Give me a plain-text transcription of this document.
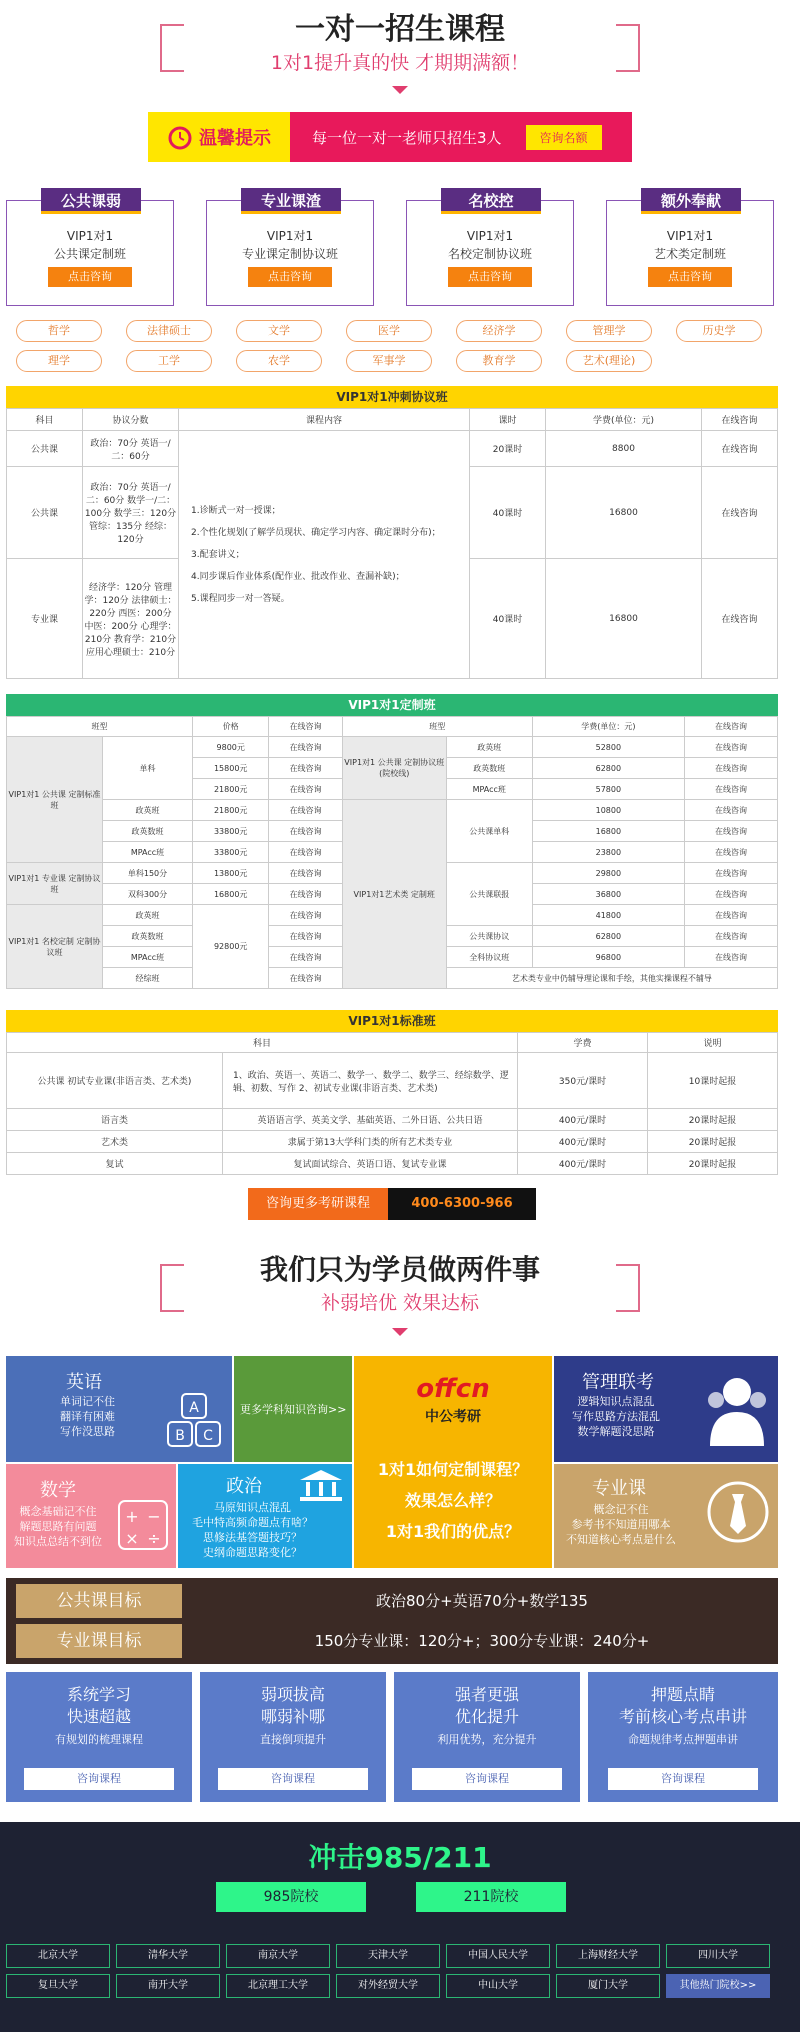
一对一招生课程
1对1提升真的快 才期期满额！
温馨提示	每一位一对一老师只招生3人	咨询名额
公共课弱
VIP1对1
公共课定制班
点击咨询
专业课渣
VIP1对1
专业课定制协议班
点击咨询
名校控
VIP1对1
名校定制协议班
点击咨询
额外奉献
VIP1对1
艺术类定制班
点击咨询
哲学	法律硕士	文学	医学	经济学	管理学	历史学
理学	工学	农学	军事学	教育学	艺术(理论)
VIP1对1冲刺协议班
科目	协议分数	课程内容	课时	学费(单位：元)	在线咨询
公共课	政治：70分 英语一/二：60分	1.诊断式一对一授课；
2.个性化规划(了解学员现状、确定学习内容、确定课时分布)；
3.配套讲义；
4.同步课后作业体系(配作业、批改作业、查漏补缺)；
5.课程同步一对一答疑。	20课时	8800	在线咨询
公共课	政治：70分 英语一/二：60分 数学一/二：100分 数学三：120分 管综：135分 经综：120分		40课时	16800	在线咨询
专业课	经济学：120分 管理学：120分 法律硕士：220分 西医：200分 中医：200分 心理学：210分 教育学：210分 应用心理硕士：210分		40课时	16800	在线咨询
VIP1对1定制班
班型		价格	在线咨询	班型		学费(单位：元)	在线咨询
VIP1对1 公共课 定制标准班	单科	9800元	在线咨询	VIP1对1 公共课 定制协议班 (院校线)	政英班	52800	在线咨询
		15800元	在线咨询		政英数班	62800	在线咨询
		21800元	在线咨询		MPAcc班	57800	在线咨询
	政英班	21800元	在线咨询	VIP1对1艺术类 定制班	公共课单科	10800	在线咨询
	政英数班	33800元	在线咨询			16800	在线咨询
	MPAcc班	33800元	在线咨询			23800	在线咨询
VIP1对1 专业课 定制协议班	单科150分	13800元	在线咨询		公共课联报	29800	在线咨询
	双科300分	16800元	在线咨询			36800	在线咨询
VIP1对1 名校定制 定制协议班	政英班	92800元	在线咨询			41800	在线咨询
	政英数班		在线咨询		公共课协议	62800	在线咨询
	MPAcc班		在线咨询		全科协议班	96800	在线咨询
	经综班		在线咨询		艺术类专业中仍辅导理论课和手绘，其他实操课程不辅导		
VIP1对1标准班
科目		学费	说明
公共课 初试专业课(非语言类、艺术类)	1、政治、英语一、英语二、数学一、数学二、数学三、经综数学、逻辑、初数、写作 2、初试专业课(非语言类、艺术类)	350元/课时	10课时起报
语言类	英语语言学、英美文学、基础英语、二外日语、公共日语	400元/课时	20课时起报
艺术类	隶属于第13大学科门类的所有艺术类专业	400元/课时	20课时起报
复试	复试面试综合、英语口语、复试专业课	400元/课时	20课时起报
咨询更多考研课程	400-6300-966
我们只为学员做两件事
补弱培优 效果达标
英语
单词记不住
翻译有困难
写作没思路
A
B C
更多学科知识咨询>>
offcn
中公考研
1对1如何定制课程？
效果怎么样？
1对1我们的优点？
管理联考
逻辑知识点混乱
写作思路方法混乱
数学解题没思路
数学
概念基础记不住
解题思路有问题
知识点总结不到位
+ −
× ÷
政治
马原知识点混乱
毛中特高频命题点有啥？
思修法基答题技巧？
史纲命题思路变化？
专业课
概念记不住
参考书不知道用哪本
不知道核心考点是什么
公共课目标
专业课目标
政治80分+英语70分+数学135
150分专业课：120分+；300分专业课：240分+
系统学习
快速超越
有规划的梳理课程
咨询课程
弱项拔高
哪弱补哪
直接倒项提升
咨询课程
强者更强
优化提升
利用优势，充分提升
咨询课程
押题点睛
考前核心考点串讲
命题规律考点押题串讲
咨询课程
冲击985/211
985院校	211院校
北京大学	清华大学	南京大学	天津大学	中国人民大学	上海财经大学	四川大学
复旦大学	南开大学	北京理工大学	对外经贸大学	中山大学	厦门大学	其他热门院校>>
